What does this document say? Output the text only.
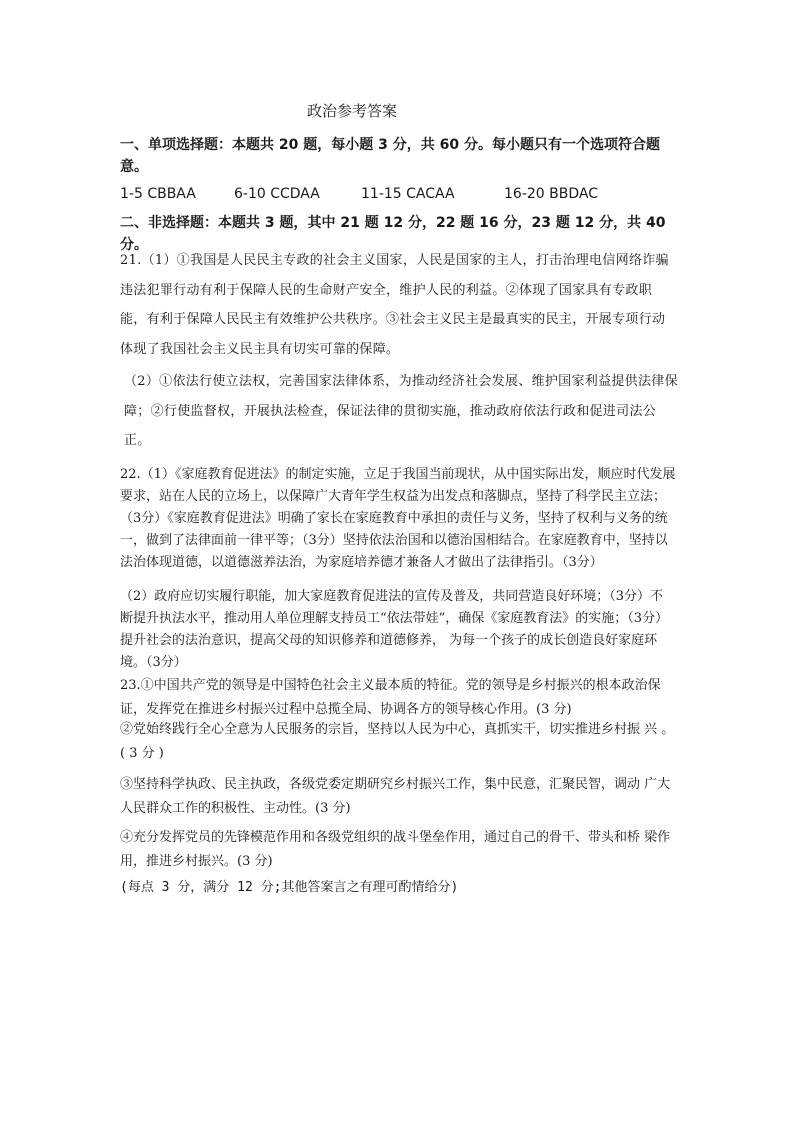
政治参考答案
一、单项选择题：本题共 20 题，每小题 3 分，共 60 分。每小题只有一个选项符合题意。
1-5 CBBAA	6-10 CCDAA	11-15 CACAA	16-20 BBDAC
二、非选择题：本题共 3 题，其中 21 题 12 分，22 题 16 分，23 题 12 分，共 40 分。

21.（1）①我国是人民民主专政的社会主义国家，人民是国家的主人，打击治理电信网络诈骗违法犯罪行动有利于保障人民的生命财产安全，维护人民的利益。②体现了国家具有专政职能，有利于保障人民民主有效维护公共秩序。③社会主义民主是最真实的民主，开展专项行动体现了我国社会主义民主具有切实可靠的保障。

（2）①依法行使立法权，完善国家法律体系，为推动经济社会发展、维护国家利益提供法律保障；②行使监督权，开展执法检查，保证法律的贯彻实施，推动政府依法行政和促进司法公正。

22.（1）《家庭教育促进法》的制定实施，立足于我国当前现状，从中国实际出发，顺应时代发展要求，站在人民的立场上，以保障广大青年学生权益为出发点和落脚点，坚持了科学民主立法；（3分）《家庭教育促进法》明确了家长在家庭教育中承担的责任与义务，坚持了权利与义务的统一，做到了法律面前一律平等；（3分）坚持依法治国和以德治国相结合。在家庭教育中，坚持以法治体现道德，以道德滋养法治，为家庭培养德才兼备人才做出了法律指引。（3分）

（2）政府应切实履行职能，加大家庭教育促进法的宣传及普及，共同营造良好环境；（3分）不断提升执法水平，推动用人单位理解支持员工“依法带娃”，确保《家庭教育法》的实施；（3分）提升社会的法治意识，提高父母的知识修养和道德修养， 为每一个孩子的成长创造良好家庭环境。（3分）

23.①中国共产党的领导是中国特色社会主义最本质的特征。党的领导是乡村振兴的根本政治保证，发挥党在推进乡村振兴过程中总揽全局、协调各方的领导核心作用。(3 分)

②党始终践行全心全意为人民服务的宗旨，坚持以人民为中心，真抓实干，切实推进乡村振 兴 。( 3 分 )

③坚持科学执政、民主执政，各级党委定期研究乡村振兴工作，集中民意，汇聚民智，调动 广大人民群众工作的积极性、主动性。(3 分)

④充分发挥党员的先锋模范作用和各级党组织的战斗堡垒作用，通过自己的骨干、带头和桥 梁作用，推进乡村振兴。(3 分)

(每点 3 分，满分 12 分;其他答案言之有理可酌情给分)
